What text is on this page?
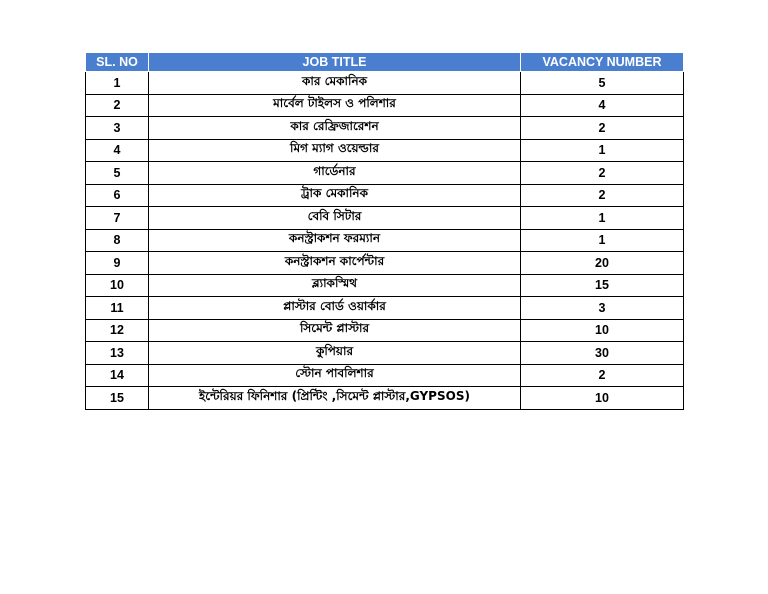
SL. NO	JOB TITLE	VACANCY NUMBER
1	কার মেকানিক	5
2	মার্বেল টাইলস ও পলিশার	4
3	কার রেফ্রিজারেশন	2
4	মিগ ম্যাগ ওয়েল্ডার	1
5	গার্ডেনার	2
6	ট্রাক মেকানিক	2
7	বেবি সিটার	1
8	কনস্ট্রাকশন ফরম্যান	1
9	কনস্ট্রাকশন কার্পেন্টার	20
10	ব্ল্যাকস্মিথ	15
11	প্লাস্টার বোর্ড ওয়ার্কার	3
12	সিমেন্ট প্লাস্টার	10
13	কুপিয়ার	30
14	স্টোন পাবলিশার	2
15	ইন্টেরিয়র ফিনিশার (প্রিন্টিং ,সিমেন্ট প্লাস্টার,GYPSOS)	10
